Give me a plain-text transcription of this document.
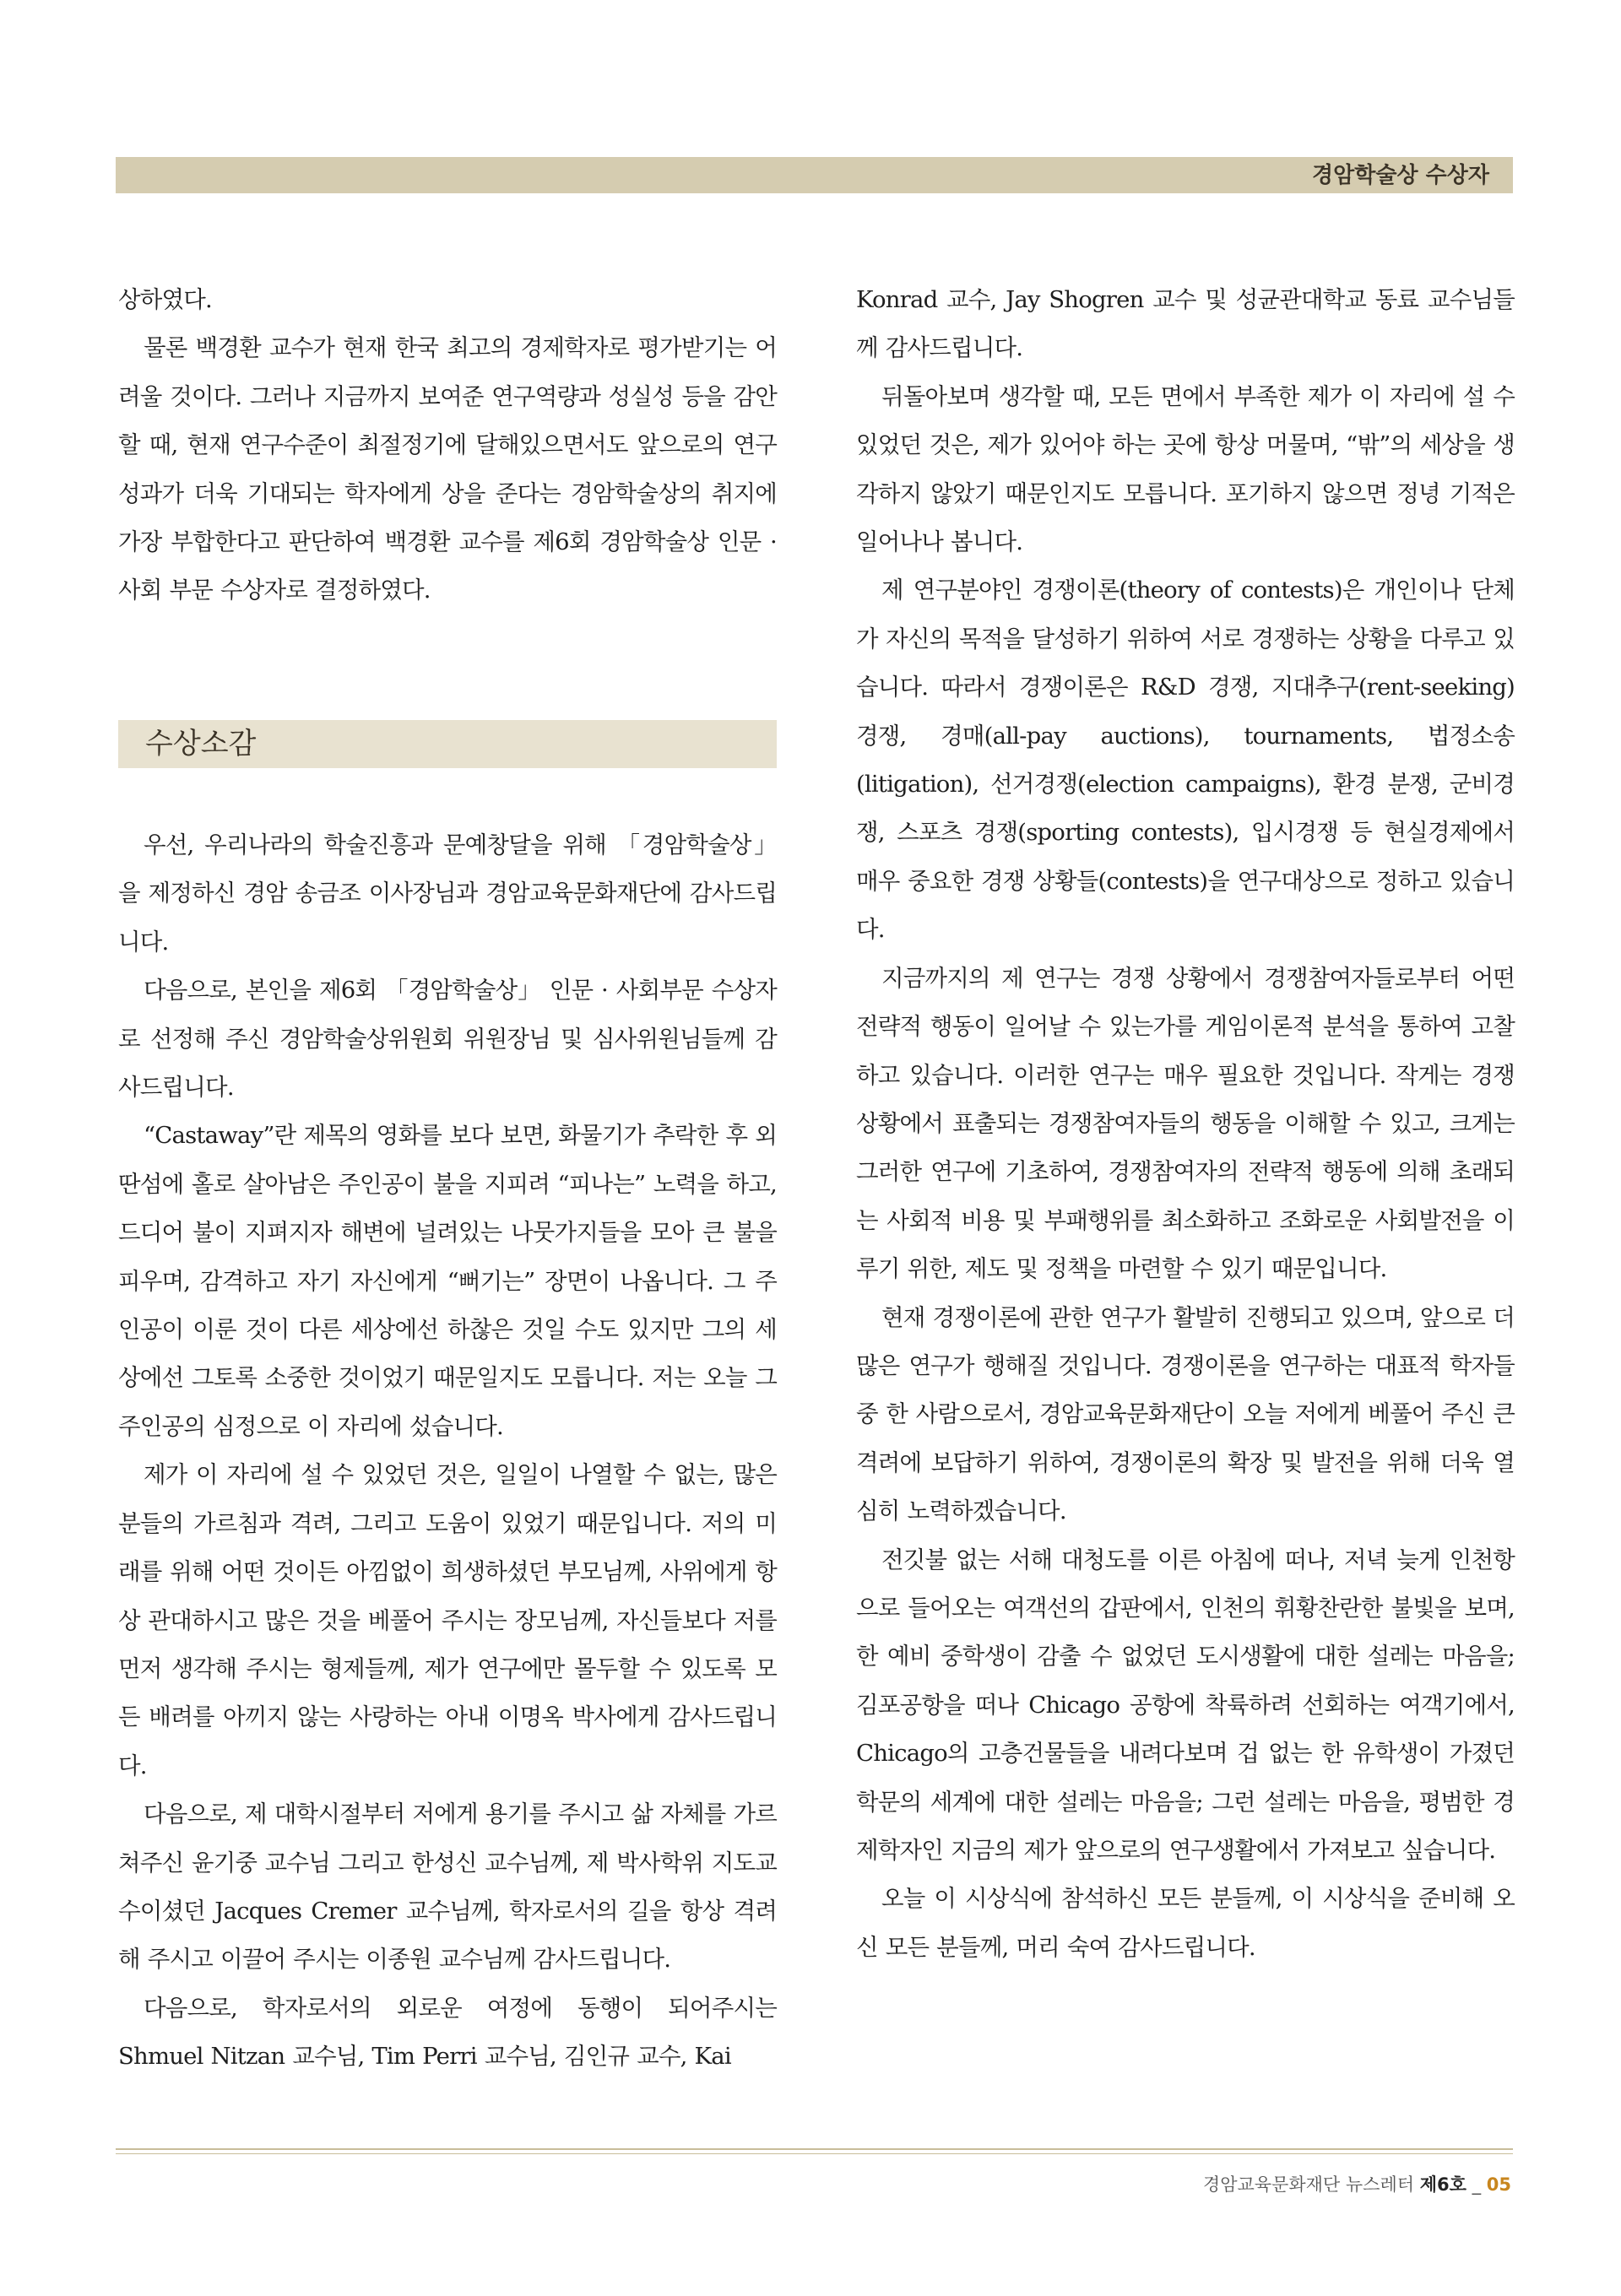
경암학술상 수상자

상하였다.

물론 백경환 교수가 현재 한국 최고의 경제학자로 평가받기는 어려울 것이다. 그러나 지금까지 보여준 연구역량과 성실성 등을 감안할 때, 현재 연구수준이 최절정기에 달해있으면서도 앞으로의 연구 성과가 더욱 기대되는 학자에게 상을 준다는 경암학술상의 취지에 가장 부합한다고 판단하여 백경환 교수를 제6회 경암학술상 인문 · 사회 부문 수상자로 결정하였다.

수상소감

우선, 우리나라의 학술진흥과 문예창달을 위해 「경암학술상」을 제정하신 경암 송금조 이사장님과 경암교육문화재단에 감사드립니다.

다음으로, 본인을 제6회 「경암학술상」 인문 · 사회부문 수상자로 선정해 주신 경암학술상위원회 위원장님 및 심사위원님들께 감사드립니다.

“Castaway”란 제목의 영화를 보다 보면, 화물기가 추락한 후 외딴섬에 홀로 살아남은 주인공이 불을 지피려 “피나는” 노력을 하고, 드디어 불이 지펴지자 해변에 널려있는 나뭇가지들을 모아 큰 불을 피우며, 감격하고 자기 자신에게 “뻐기는” 장면이 나옵니다. 그 주인공이 이룬 것이 다른 세상에선 하찮은 것일 수도 있지만 그의 세상에선 그토록 소중한 것이었기 때문일지도 모릅니다. 저는 오늘 그 주인공의 심정으로 이 자리에 섰습니다.

제가 이 자리에 설 수 있었던 것은, 일일이 나열할 수 없는, 많은 분들의 가르침과 격려, 그리고 도움이 있었기 때문입니다. 저의 미래를 위해 어떤 것이든 아낌없이 희생하셨던 부모님께, 사위에게 항상 관대하시고 많은 것을 베풀어 주시는 장모님께, 자신들보다 저를 먼저 생각해 주시는 형제들께, 제가 연구에만 몰두할 수 있도록 모든 배려를 아끼지 않는 사랑하는 아내 이명옥 박사에게 감사드립니다.

다음으로, 제 대학시절부터 저에게 용기를 주시고 삶 자체를 가르쳐주신 윤기중 교수님 그리고 한성신 교수님께, 제 박사학위 지도교수이셨던 Jacques Cremer 교수님께, 학자로서의 길을 항상 격려해 주시고 이끌어 주시는 이종원 교수님께 감사드립니다.

다음으로, 학자로서의 외로운 여정에 동행이 되어주시는 Shmuel Nitzan 교수님, Tim Perri 교수님, 김인규 교수, Kai

Konrad 교수, Jay Shogren 교수 및 성균관대학교 동료 교수님들께 감사드립니다.

뒤돌아보며 생각할 때, 모든 면에서 부족한 제가 이 자리에 설 수 있었던 것은, 제가 있어야 하는 곳에 항상 머물며, “밖”의 세상을 생각하지 않았기 때문인지도 모릅니다. 포기하지 않으면 정녕 기적은 일어나나 봅니다.

제 연구분야인 경쟁이론(theory of contests)은 개인이나 단체가 자신의 목적을 달성하기 위하여 서로 경쟁하는 상황을 다루고 있습니다. 따라서 경쟁이론은 R&D 경쟁, 지대추구(rent-seeking) 경쟁, 경매(all-pay auctions), tournaments, 법정소송(litigation), 선거경쟁(election campaigns), 환경 분쟁, 군비경쟁, 스포츠 경쟁(sporting contests), 입시경쟁 등 현실경제에서 매우 중요한 경쟁 상황들(contests)을 연구대상으로 정하고 있습니다.

지금까지의 제 연구는 경쟁 상황에서 경쟁참여자들로부터 어떤 전략적 행동이 일어날 수 있는가를 게임이론적 분석을 통하여 고찰하고 있습니다. 이러한 연구는 매우 필요한 것입니다. 작게는 경쟁상황에서 표출되는 경쟁참여자들의 행동을 이해할 수 있고, 크게는 그러한 연구에 기초하여, 경쟁참여자의 전략적 행동에 의해 초래되는 사회적 비용 및 부패행위를 최소화하고 조화로운 사회발전을 이루기 위한, 제도 및 정책을 마련할 수 있기 때문입니다.

현재 경쟁이론에 관한 연구가 활발히 진행되고 있으며, 앞으로 더 많은 연구가 행해질 것입니다. 경쟁이론을 연구하는 대표적 학자들 중 한 사람으로서, 경암교육문화재단이 오늘 저에게 베풀어 주신 큰 격려에 보답하기 위하여, 경쟁이론의 확장 및 발전을 위해 더욱 열심히 노력하겠습니다.

전깃불 없는 서해 대청도를 이른 아침에 떠나, 저녁 늦게 인천항으로 들어오는 여객선의 갑판에서, 인천의 휘황찬란한 불빛을 보며, 한 예비 중학생이 감출 수 없었던 도시생활에 대한 설레는 마음을; 김포공항을 떠나 Chicago 공항에 착륙하려 선회하는 여객기에서, Chicago의 고층건물들을 내려다보며 겁 없는 한 유학생이 가졌던 학문의 세계에 대한 설레는 마음을; 그런 설레는 마음을, 평범한 경제학자인 지금의 제가 앞으로의 연구생활에서 가져보고 싶습니다.

오늘 이 시상식에 참석하신 모든 분들께, 이 시상식을 준비해 오신 모든 분들께, 머리 숙여 감사드립니다.

경암교육문화재단 뉴스레터 제6호 _ 05
